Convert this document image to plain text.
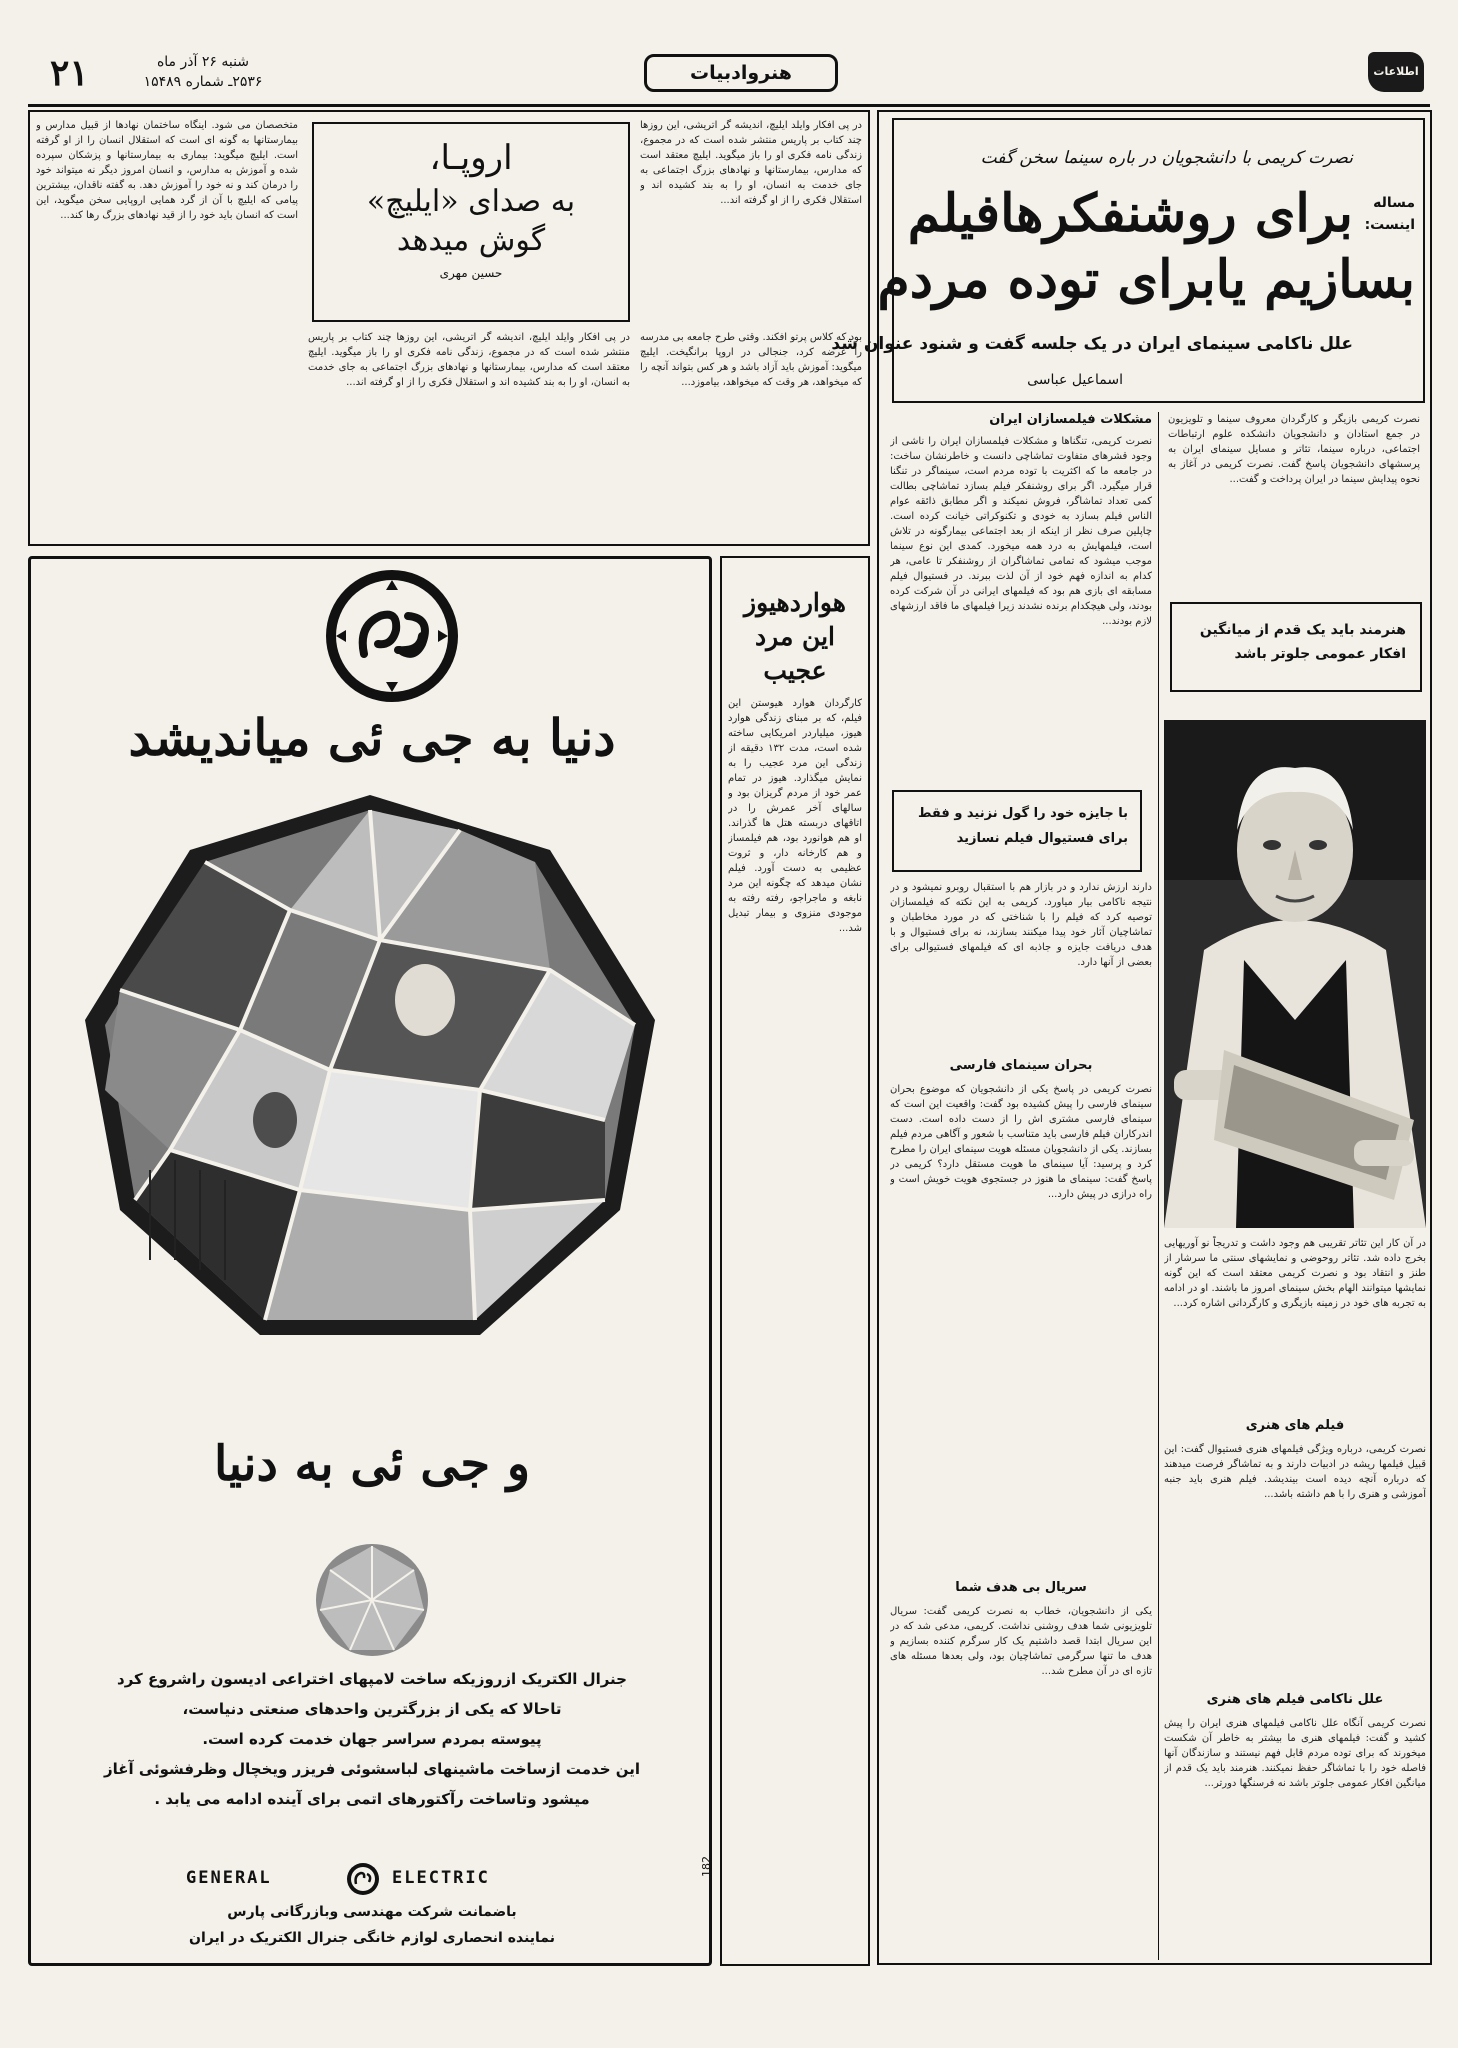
۲۱	شنبه ۲۶ آذر ماه
۲۵۳۶ـ شماره ۱۵۴۸۹	هنروادبیات	اطلاعات
مساله اینست:
نصرت کریمی با دانشجویان در باره سینما سخن گفت
برای روشنفکرهافیلم
بسازیم یابرای توده مردم
علل ناکامی سینمای ایران در یک جلسه گفت و شنود عنوان شد
اسماعیل عباسی
نصرت کریمی بازیگر و کارگردان معروف سینما و تلویزیون در جمع استادان و دانشجویان دانشکده علوم ارتباطات اجتماعی، درباره سینما، تئاتر و مسایل سینمای ایران به پرسشهای دانشجویان پاسخ گفت. نصرت کریمی در آغاز به نحوه پیدایش سینما در ایران پرداخت و گفت...
هنرمند باید یک قدم از میانگین افکار عمومی جلوتر باشد
مشکلات فیلمسازان ایران
نصرت کریمی، تنگناها و مشکلات فیلمسازان ایران را ناشی از وجود قشرهای متفاوت تماشاچی دانست و خاطرنشان ساخت: در جامعه ما که اکثریت با توده مردم است، سینماگر در تنگنا قرار میگیرد. اگر برای روشنفکر فیلم بسازد تماشاچی بطالت کمی تعداد تماشاگر، فروش نمیکند و اگر مطابق ذائقه عوام الناس فیلم بسازد به خودی و تکنوکراتی خیانت کرده است. چاپلین صرف نظر از اینکه از بعد اجتماعی بیمارگونه در تلاش است، فیلمهایش به درد همه میخورد. کمدی این نوع سینما موجب میشود که تمامی تماشاگران از روشنفکر تا عامی، هر کدام به اندازه فهم خود از آن لذت ببرند. در فستیوال فیلم مسابقه ای بازی هم بود که فیلمهای ایرانی در آن شرکت کرده بودند، ولی هیچکدام برنده نشدند زیرا فیلمهای ما فاقد ارزشهای لازم بودند...
با جایزه خود را گول نزنید و فقط
برای فستیوال فیلم نسازید
دارند ارزش ندارد و در بازار هم با استقبال روبرو نمیشود و در نتیجه ناکامی بیار میاورد. کریمی به این نکته که فیلمسازان توصیه کرد که فیلم را با شناختی که در مورد مخاطبان و تماشاچیان آثار خود پیدا میکنند بسازند، نه برای فستیوال و با هدف دریافت جایزه و جاذبه ای که فیلمهای فستیوالی برای بعضی از آنها دارد.
بحران سینمای فارسی
نصرت کریمی در پاسخ یکی از دانشجویان که موضوع بحران سینمای فارسی را پیش کشیده بود گفت: واقعیت این است که سینمای فارسی مشتری اش را از دست داده است. دست اندرکاران فیلم فارسی باید متناسب با شعور و آگاهی مردم فیلم بسازند. یکی از دانشجویان مسئله هویت سینمای ایران را مطرح کرد و پرسید: آیا سینمای ما هویت مستقل دارد؟ کریمی در پاسخ گفت: سینمای ما هنوز در جستجوی هویت خویش است و راه درازی در پیش دارد...
سریال بی هدف شما
یکی از دانشجویان، خطاب به نصرت کریمی گفت: سریال تلویزیونی شما هدف روشنی نداشت. کریمی، مدعی شد که در این سریال ابتدا قصد داشتیم یک کار سرگرم کننده بسازیم و هدف ما تنها سرگرمی تماشاچیان بود، ولی بعدها مسئله های تازه ای در آن مطرح شد...
در آن کار این تئاتر تقریبی هم وجود داشت و تدریجاً نو آوریهایی بخرج داده شد. تئاتر روحوضی و نمایشهای سنتی ما سرشار از طنز و انتقاد بود و نصرت کریمی معتقد است که این گونه نمایشها میتوانند الهام بخش سینمای امروز ما باشند. او در ادامه به تجربه های خود در زمینه بازیگری و کارگردانی اشاره کرد...
فیلم های هنری
نصرت کریمی، درباره ویژگی فیلمهای هنری فستیوال گفت: این قبیل فیلمها ریشه در ادبیات دارند و به تماشاگر فرصت میدهند که درباره آنچه دیده است بیندیشد. فیلم هنری باید جنبه آموزشی و هنری را با هم داشته باشد...
علل ناکامی فیلم های هنری
نصرت کریمی آنگاه علل ناکامی فیلمهای هنری ایران را پیش کشید و گفت: فیلمهای هنری ما بیشتر به خاطر آن شکست میخورند که برای توده مردم قابل فهم نیستند و سازندگان آنها فاصله خود را با تماشاگر حفظ نمیکنند. هنرمند باید یک قدم از میانگین افکار عمومی جلوتر باشد نه فرسنگها دورتر...
در پی افکار وایلد ایلیچ، اندیشه گر اتریشی، این روزها چند کتاب بر پاریس منتشر شده است که در مجموع، زندگی نامه فکری او را باز میگوید. ایلیچ معتقد است که مدارس، بیمارستانها و نهادهای بزرگ اجتماعی به جای خدمت به انسان، او را به بند کشیده اند و استقلال فکری را از او گرفته اند...
بود که کلاس پرتو افکند. وقتی طرح جامعه بی مدرسه را عرضه کرد، جنجالی در اروپا برانگیخت. ایلیچ میگوید: آموزش باید آزاد باشد و هر کس بتواند آنچه را که میخواهد، هر وقت که میخواهد، بیاموزد...
متخصصان می شود. اینگاه ساختمان نهادها از قبیل مدارس و بیمارستانها به گونه ای است که استقلال انسان را از او گرفته است. ایلیچ میگوید: بیماری به بیمارستانها و پزشکان سپرده شده و آموزش به مدارس، و انسان امروز دیگر نه میتواند خود را درمان کند و نه خود را آموزش دهد. به گفته ناقدان، بیشترین پیامی که ایلیچ با آن از گرد همایی اروپایی سخن میگوید، این است که انسان باید خود را از قید نهادهای بزرگ رها کند...
در پی افکار وایلد ایلیچ، اندیشه گر اتریشی، این روزها چند کتاب بر پاریس منتشر شده است که در مجموع، زندگی نامه فکری او را باز میگوید. ایلیچ معتقد است که مدارس، بیمارستانها و نهادهای بزرگ اجتماعی به جای خدمت به انسان، او را به بند کشیده اند و استقلال فکری را از او گرفته اند...
اروپـا،
به صدای «ایلیچ»
گوش میدهد
حسین مهری
هواردهیوز
این مرد
عجیب
کارگردان هوارد هیوستن این فیلم، که بر مبنای زندگی هوارد هیوز، میلیاردر امریکایی ساخته شده است، مدت ۱۳۲ دقیقه از زندگی این مرد عجیب را به نمایش میگذارد. هیوز در تمام عمر خود از مردم گریزان بود و سالهای آخر عمرش را در اتاقهای دربسته هتل ها گذراند. او هم هوانورد بود، هم فیلمساز و هم کارخانه دار، و ثروت عظیمی به دست آورد. فیلم نشان میدهد که چگونه این مرد نابغه و ماجراجو، رفته رفته به موجودی منزوی و بیمار تبدیل شد...
182
دنیا به جی ئی میاندیشد
و جی ئی به دنیا
جنرال الکتریک ازروزیکه ساخت لامپهای اختراعی ادیسون راشروع کرد
تاحالا که یکی از بزرگترین واحدهای صنعتی دنیاست،
پیوسته بمردم سراسر جهان خدمت کرده است.
این خدمت ازساخت ماشینهای لباسشوئی فریزر ویخچال وظرفشوئی آغاز
میشود وتاساخت رآکتورهای اتمی برای آینده ادامه می یابد .
GENERAL	ELECTRIC
باضمانت شرکت مهندسی وبازرگانی پارس
نماینده انحصاری لوازم خانگی جنرال الکتریک در ایران
